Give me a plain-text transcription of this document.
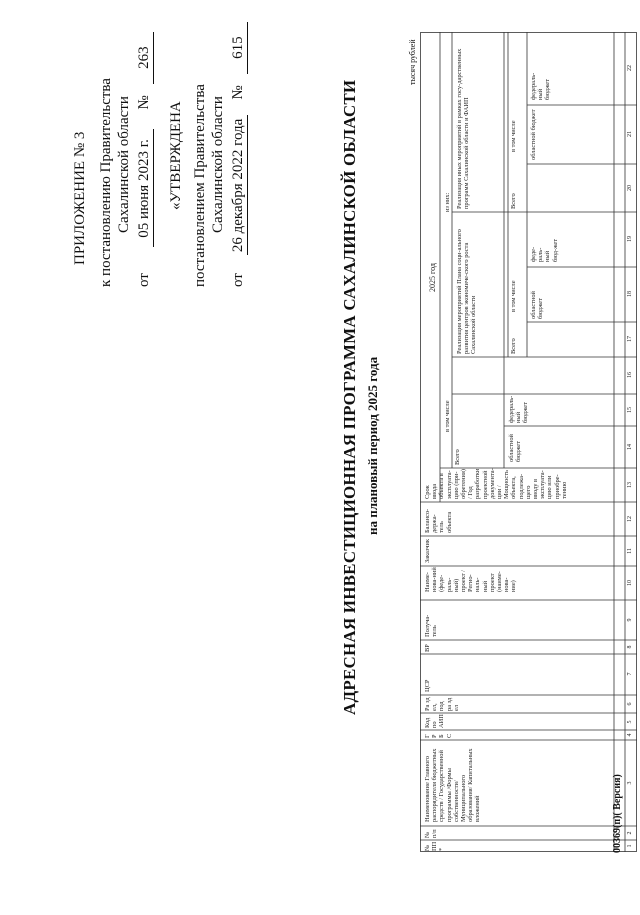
ПРИЛОЖЕНИЕ № 3 к постановлению Правительства Сахалинской области
от 05 июня 2023 г. № 263
«УТВЕРЖДЕНА постановлением Правительства Сахалинской области
от 26 декабря 2022 года № 615
АДРЕСНАЯ ИНВЕСТИЦИОННАЯ ПРОГРАММА САХАЛИНСКОЙ ОБЛАСТИ на плановый период 2025 года
тысяч рублей
№ ПП *
№ п/п
Наименование Главного распорядителя бюджетных средств / Государственной программы /Формы собственности/ Муниципального образования/ Капитальных вложений
Г Р Б С
Код по АИП
Ра зд ел, под ра зд ел
ЦСР
ВР
Получа-тель
Заказчик
Наиме-нова-ний (феде-раль-ный) проект / Регио-наль-ный проект (наиме-нова-ние)
Балансо-держа-тель объекта
Срок ввода объекта в эксплуата-цию (при-обретения) / Год разработки проектной документа-ции / Мощность объекта, подлежа-щего вводу в эксплуата-цию или приобре-тению
2025 год
Всего
в том числе
из них:
областной бюджет
федераль-ный бюджет
Реализация мероприятий Плана соци-ального развития центров экономиче-ского роста Сахалинской области
Реализация иных мероприятий в рамках госу-дарственных программ Сахалинской области и ФАИП
Всего
в том числе областной бюджет
феде-раль-ный бюд-жет
Всего
в том числе областной бюджет
федераль-ный бюджет
1
2
3
4
5
6
7
8
9
10
11
12
13
14
15
16
17
18
19
20
21
22
00369(п)( Версия)
